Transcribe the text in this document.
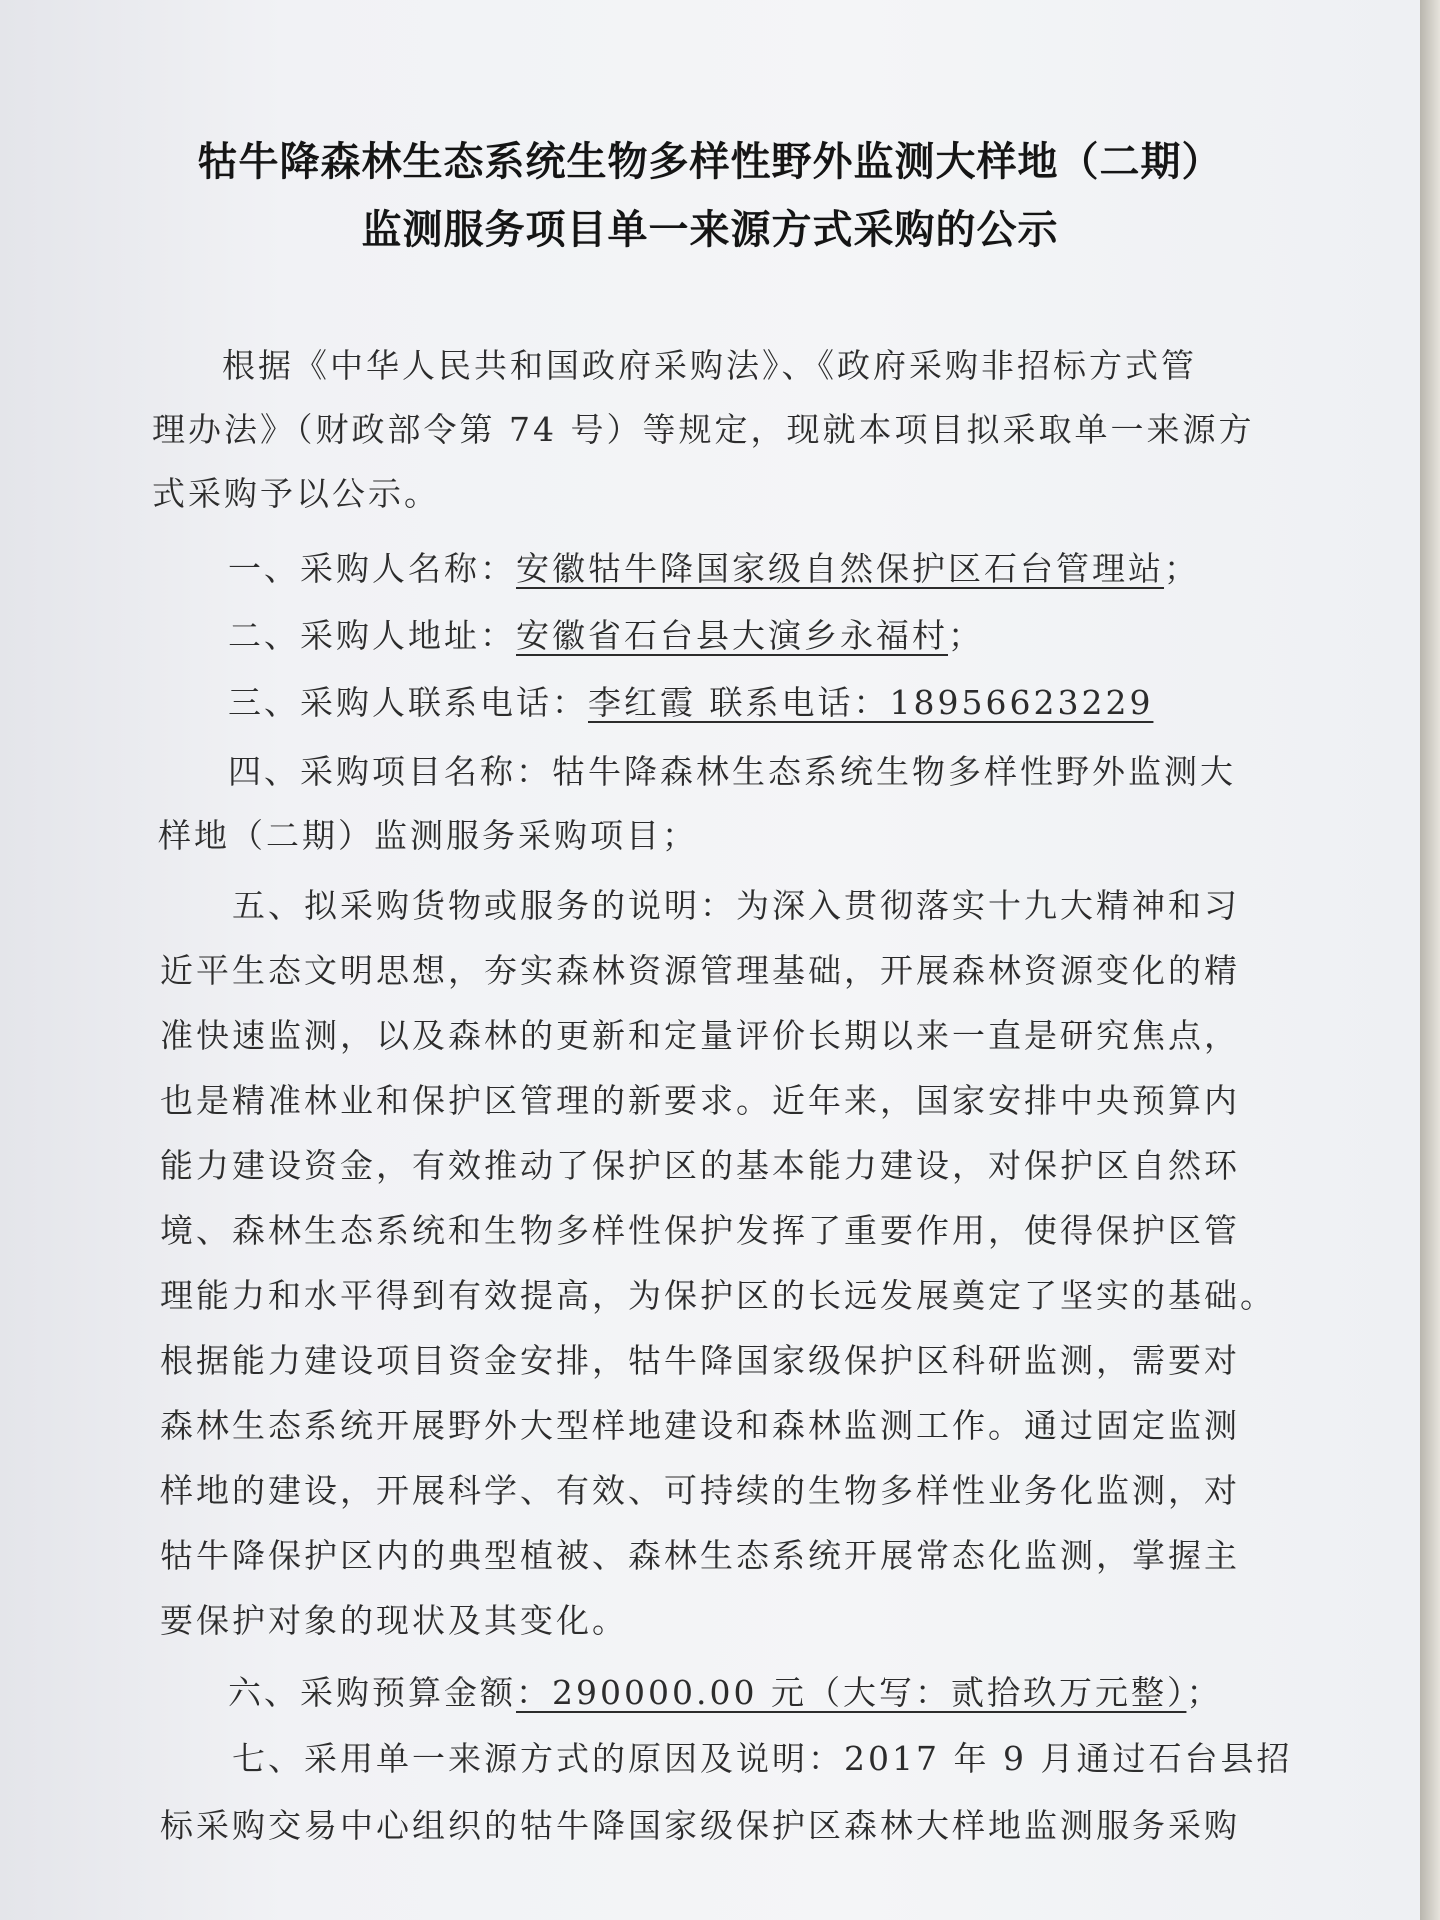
牯牛降森林生态系统生物多样性野外监测大样地（二期）
监测服务项目单一来源方式采购的公示
根据《中华人民共和国政府采购法》、《政府采购非招标方式管
理办法》（财政部令第 74 号）等规定，现就本项目拟采取单一来源方
式采购予以公示。
一、采购人名称：安徽牯牛降国家级自然保护区石台管理站；
二、采购人地址：安徽省石台县大演乡永福村；
三、采购人联系电话：李红霞 联系电话：18956623229
四、采购项目名称：牯牛降森林生态系统生物多样性野外监测大
样地（二期）监测服务采购项目；
五、拟采购货物或服务的说明：为深入贯彻落实十九大精神和习
近平生态文明思想，夯实森林资源管理基础，开展森林资源变化的精
准快速监测，以及森林的更新和定量评价长期以来一直是研究焦点，
也是精准林业和保护区管理的新要求。近年来，国家安排中央预算内
能力建设资金，有效推动了保护区的基本能力建设，对保护区自然环
境、森林生态系统和生物多样性保护发挥了重要作用，使得保护区管
理能力和水平得到有效提高，为保护区的长远发展奠定了坚实的基础。
根据能力建设项目资金安排，牯牛降国家级保护区科研监测，需要对
森林生态系统开展野外大型样地建设和森林监测工作。通过固定监测
样地的建设，开展科学、有效、可持续的生物多样性业务化监测，对
牯牛降保护区内的典型植被、森林生态系统开展常态化监测，掌握主
要保护对象的现状及其变化。
六、采购预算金额：290000.00 元（大写：贰拾玖万元整）；
七、采用单一来源方式的原因及说明：2017 年 9 月通过石台县招
标采购交易中心组织的牯牛降国家级保护区森林大样地监测服务采购
